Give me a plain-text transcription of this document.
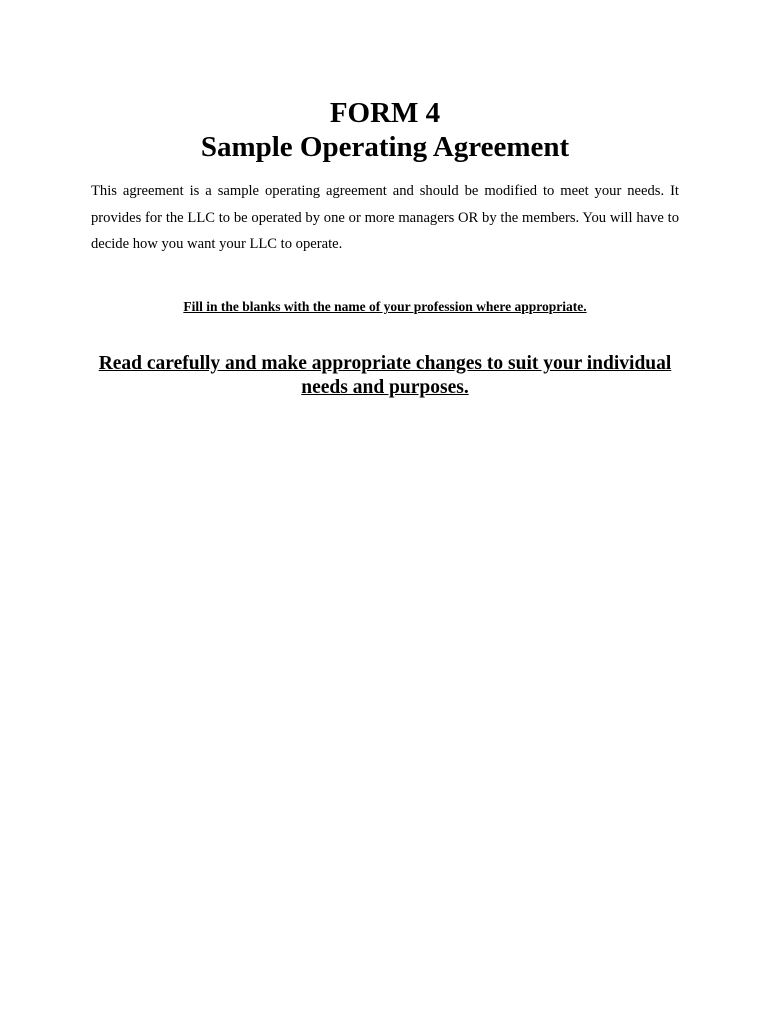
FORM 4
Sample Operating Agreement

This agreement is a sample operating agreement and should be modified to meet your needs. It provides for the LLC to be operated by one or more managers OR by the members. You will have to decide how you want your LLC to operate.

Fill in the blanks with the name of your profession where appropriate.

Read carefully and make appropriate changes to suit your individual needs and purposes.
